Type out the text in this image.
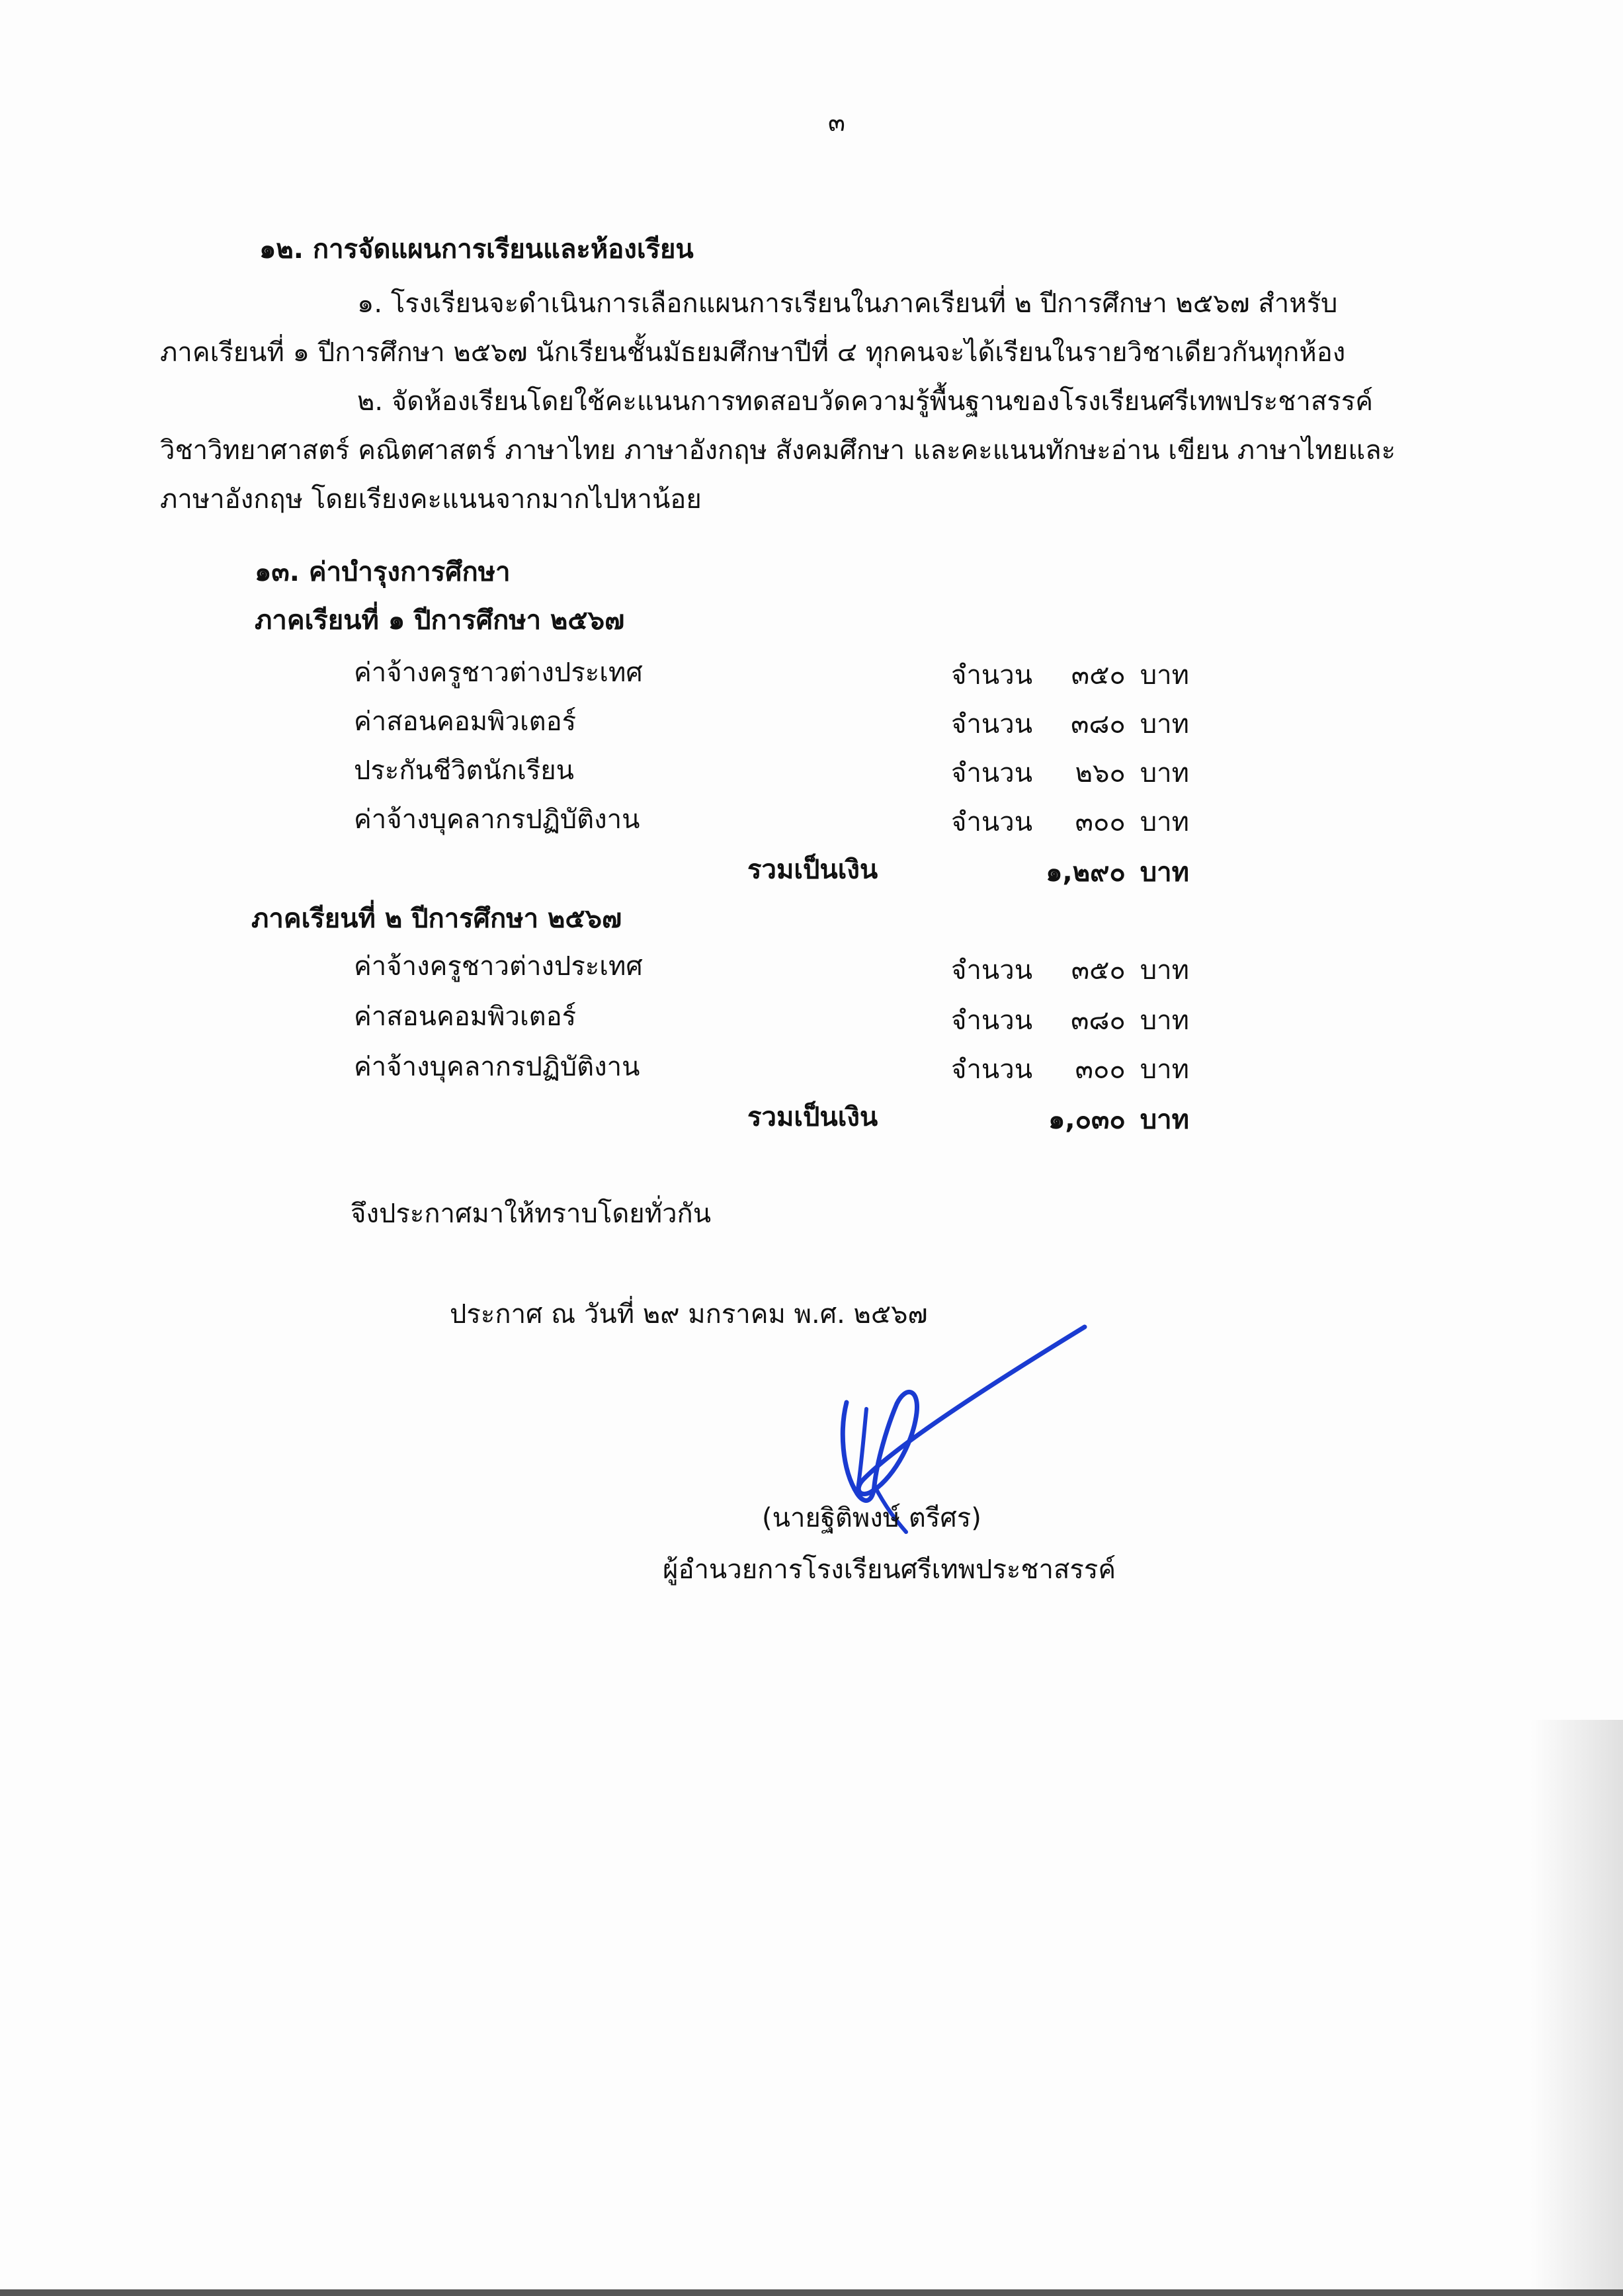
๓
๑๒. การจัดแผนการเรียนและห้องเรียน
๑. โรงเรียนจะดำเนินการเลือกแผนการเรียนในภาคเรียนที่ ๒ ปีการศึกษา ๒๕๖๗ สำหรับ
ภาคเรียนที่ ๑ ปีการศึกษา ๒๕๖๗ นักเรียนชั้นมัธยมศึกษาปีที่ ๔ ทุกคนจะได้เรียนในรายวิชาเดียวกันทุกห้อง
๒. จัดห้องเรียนโดยใช้คะแนนการทดสอบวัดความรู้พื้นฐานของโรงเรียนศรีเทพประชาสรรค์
วิชาวิทยาศาสตร์ คณิตศาสตร์ ภาษาไทย ภาษาอังกฤษ สังคมศึกษา และคะแนนทักษะอ่าน เขียน ภาษาไทยและ
ภาษาอังกฤษ โดยเรียงคะแนนจากมากไปหาน้อย
๑๓. ค่าบำรุงการศึกษา
ภาคเรียนที่ ๑ ปีการศึกษา ๒๕๖๗
ค่าจ้างครูชาวต่างประเทศ	จำนวน	๓๕๐ บาท
ค่าสอนคอมพิวเตอร์	จำนวน	๓๘๐ บาท
ประกันชีวิตนักเรียน	จำนวน	๒๖๐ บาท
ค่าจ้างบุคลากรปฏิบัติงาน	จำนวน	๓๐๐ บาท
รวมเป็นเงิน	๑,๒๙๐ บาท
ภาคเรียนที่ ๒ ปีการศึกษา ๒๕๖๗
ค่าจ้างครูชาวต่างประเทศ	จำนวน	๓๕๐ บาท
ค่าสอนคอมพิวเตอร์	จำนวน	๓๘๐ บาท
ค่าจ้างบุคลากรปฏิบัติงาน	จำนวน	๓๐๐ บาท
รวมเป็นเงิน	๑,๐๓๐ บาท
จึงประกาศมาให้ทราบโดยทั่วกัน
ประกาศ ณ วันที่ ๒๙ มกราคม พ.ศ. ๒๕๖๗
(นายฐิติพงษ์ ตรีศร)
ผู้อำนวยการโรงเรียนศรีเทพประชาสรรค์
